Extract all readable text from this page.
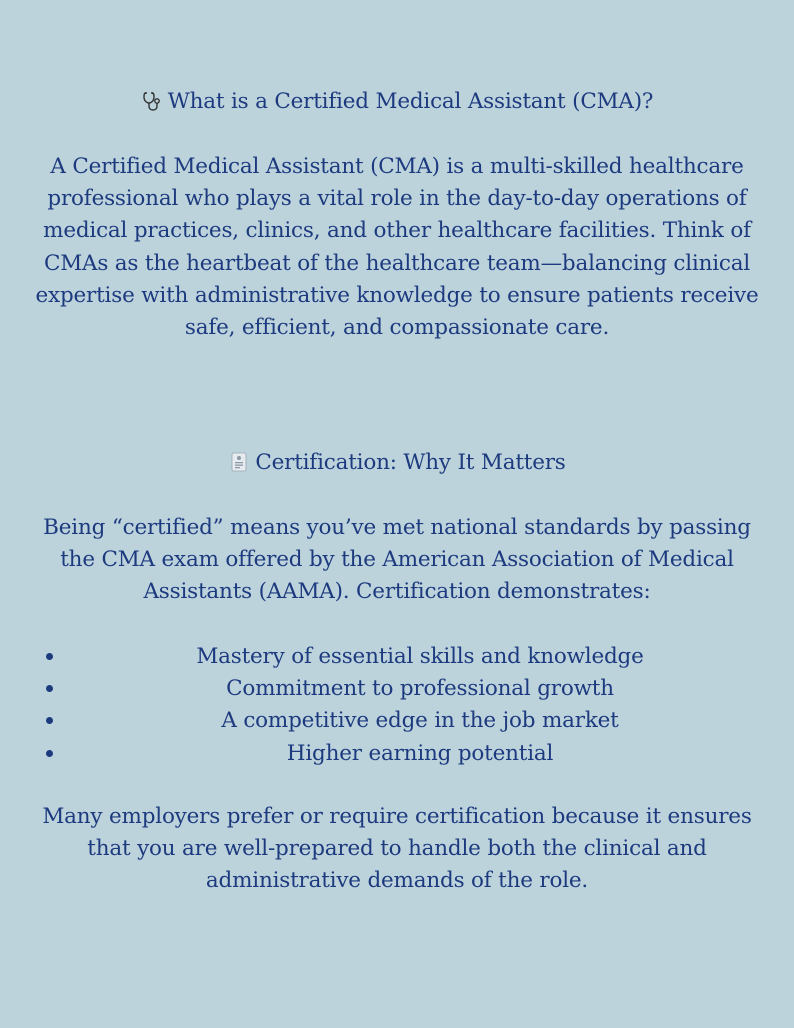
What is a Certified Medical Assistant (CMA)?

A Certified Medical Assistant (CMA) is a multi-skilled healthcare professional who plays a vital role in the day-to-day operations of medical practices, clinics, and other healthcare facilities. Think of CMAs as the heartbeat of the healthcare team—balancing clinical expertise with administrative knowledge to ensure patients receive safe, efficient, and compassionate care.

Certification: Why It Matters

Being “certified” means you’ve met national standards by passing the CMA exam offered by the American Association of Medical Assistants (AAMA). Certification demonstrates:

Mastery of essential skills and knowledge
Commitment to professional growth
A competitive edge in the job market
Higher earning potential

Many employers prefer or require certification because it ensures that you are well-prepared to handle both the clinical and administrative demands of the role.
